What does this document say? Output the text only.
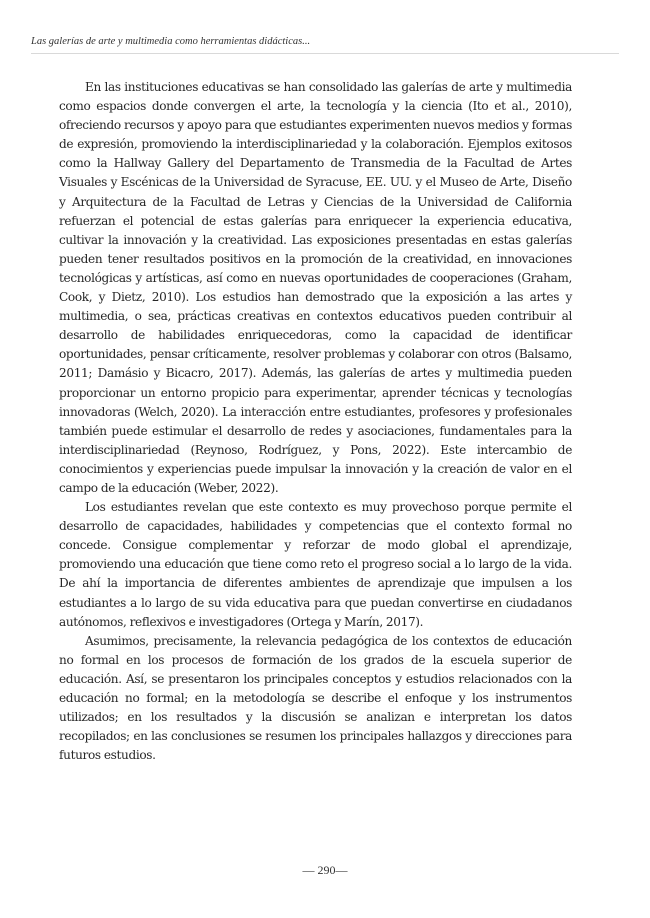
Las galerías de arte y multimedia como herramientas didácticas...

En las instituciones educativas se han consolidado las galerías de arte y multimedia como espacios donde convergen el arte, la tecnología y la ciencia (Ito et al., 2010), ofreciendo recursos y apoyo para que estudiantes experimenten nuevos medios y formas de expresión, promoviendo la interdisciplinariedad y la colaboración. Ejemplos exitosos como la Hallway Gallery del Departamento de Transmedia de la Facultad de Artes Visuales y Escénicas de la Universidad de Syracuse, EE. UU. y el Museo de Arte, Diseño y Arquitectura de la Facultad de Letras y Ciencias de la Universidad de California refuerzan el potencial de estas galerías para enriquecer la experiencia educativa, cultivar la innovación y la creatividad. Las exposiciones presentadas en estas galerías pueden tener resultados positivos en la promoción de la creatividad, en innovaciones tecnológicas y artísticas, así como en nuevas oportunidades de cooperaciones (Graham, Cook, y Dietz, 2010). Los estudios han demostrado que la exposición a las artes y multimedia, o sea, prácticas creativas en contextos educativos pueden contribuir al desarrollo de habilidades enriquecedoras, como la capacidad de identificar oportunidades, pensar críticamente, resolver problemas y colaborar con otros (Balsamo, 2011; Damásio y Bicacro, 2017). Además, las galerías de artes y multimedia pueden proporcionar un entorno propicio para experimentar, aprender técnicas y tecnologías innovadoras (Welch, 2020). La interacción entre estudiantes, profesores y profesionales también puede estimular el desarrollo de redes y asociaciones, fundamentales para la interdisciplinariedad (Reynoso, Rodríguez, y Pons, 2022). Este intercambio de conocimientos y experiencias puede impulsar la innovación y la creación de valor en el campo de la educación (Weber, 2022).

Los estudiantes revelan que este contexto es muy provechoso porque permite el desarrollo de capacidades, habilidades y competencias que el contexto formal no concede. Consigue complementar y reforzar de modo global el aprendizaje, promoviendo una educación que tiene como reto el progreso social a lo largo de la vida. De ahí la importancia de diferentes ambientes de aprendizaje que impulsen a los estudiantes a lo largo de su vida educativa para que puedan convertirse en ciudadanos autónomos, reflexivos e investigadores (Ortega y Marín, 2017).

Asumimos, precisamente, la relevancia pedagógica de los contextos de educación no formal en los procesos de formación de los grados de la escuela superior de educación. Así, se presentaron los principales conceptos y estudios relacionados con la educación no formal; en la metodología se describe el enfoque y los instrumentos utilizados; en los resultados y la discusión se analizan e interpretan los datos recopilados; en las conclusiones se resumen los principales hallazgos y direcciones para futuros estudios.

— 290—
